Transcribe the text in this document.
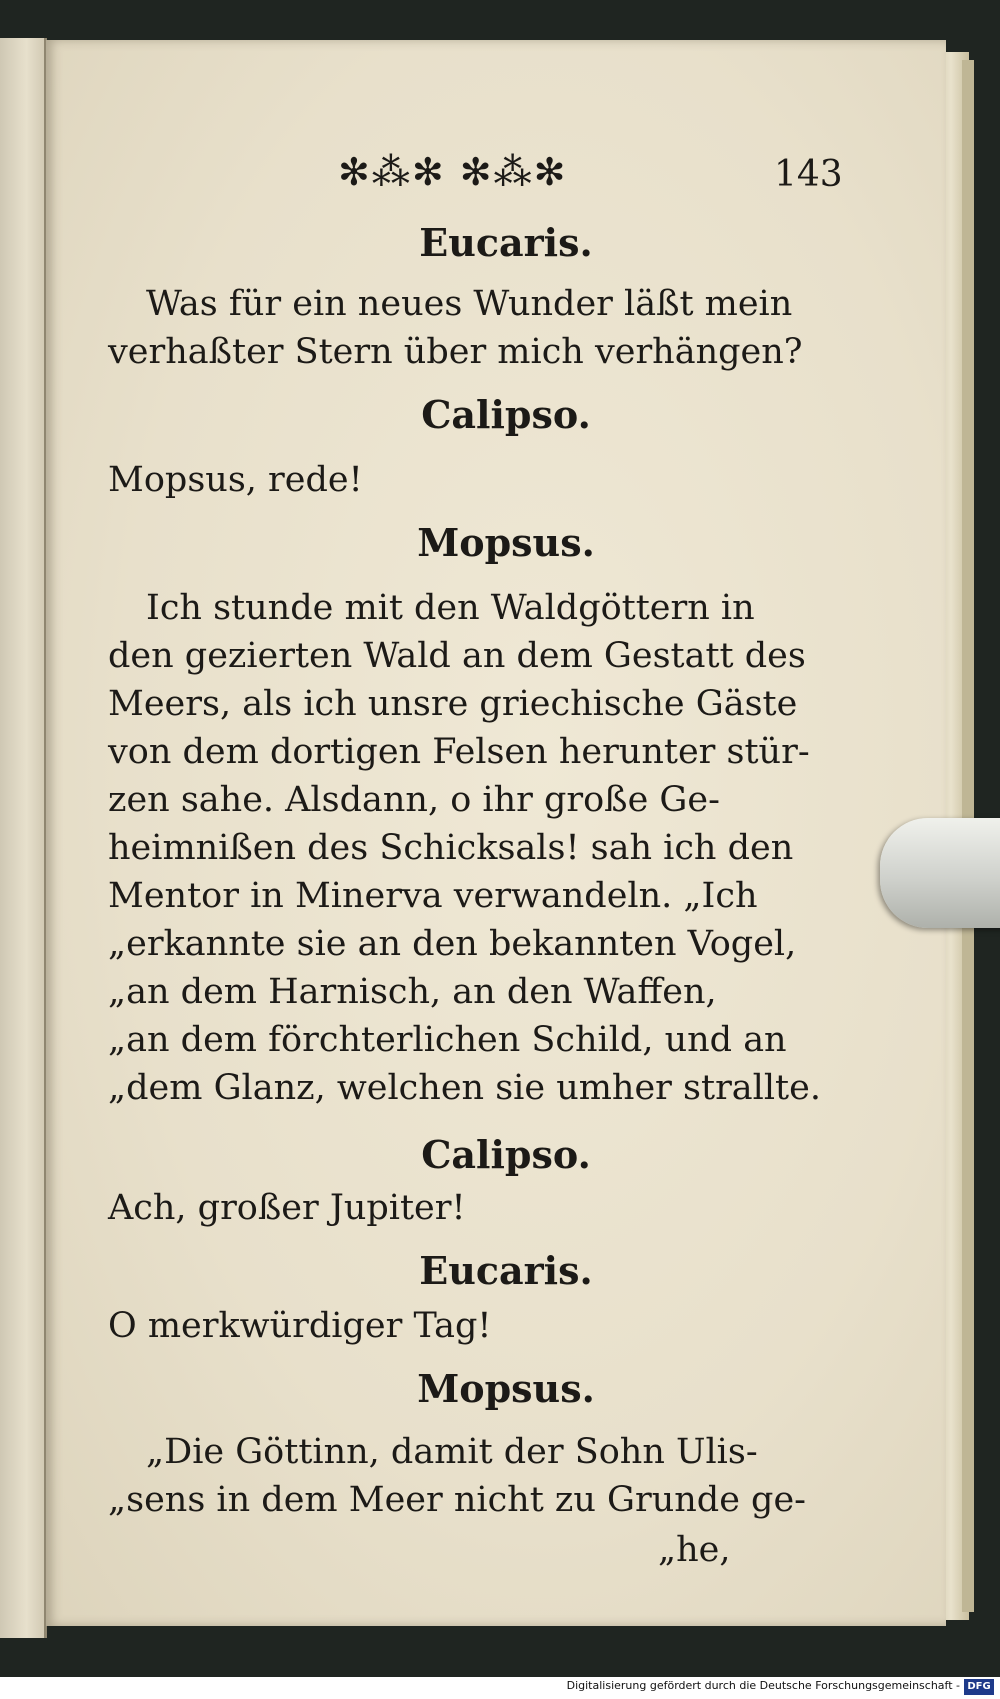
✻⁂✻ ✻⁂✻	143
Eucaris.
Was für ein neues Wunder läßt mein
verhaßter Stern über mich verhängen?
Calipso.
Mopsus, rede!
Mopsus.
Ich stunde mit den Waldgöttern in
den gezierten Wald an dem Gestatt des
Meers, als ich unsre griechische Gäste
von dem dortigen Felsen herunter stür-
zen sahe. Alsdann, o ihr große Ge-
heimnißen des Schicksals! sah ich den
Mentor in Minerva verwandeln. „Ich
„erkannte sie an den bekannten Vogel,
„an dem Harnisch, an den Waffen,
„an dem förchterlichen Schild, und an
„dem Glanz, welchen sie umher strallte.
Calipso.
Ach, großer Jupiter!
Eucaris.
O merkwürdiger Tag!
Mopsus.
„Die Göttinn, damit der Sohn Ulis-
„sens in dem Meer nicht zu Grunde ge-
„he,
Digitalisierung gefördert durch die Deutsche Forschungsgemeinschaft - DFG
